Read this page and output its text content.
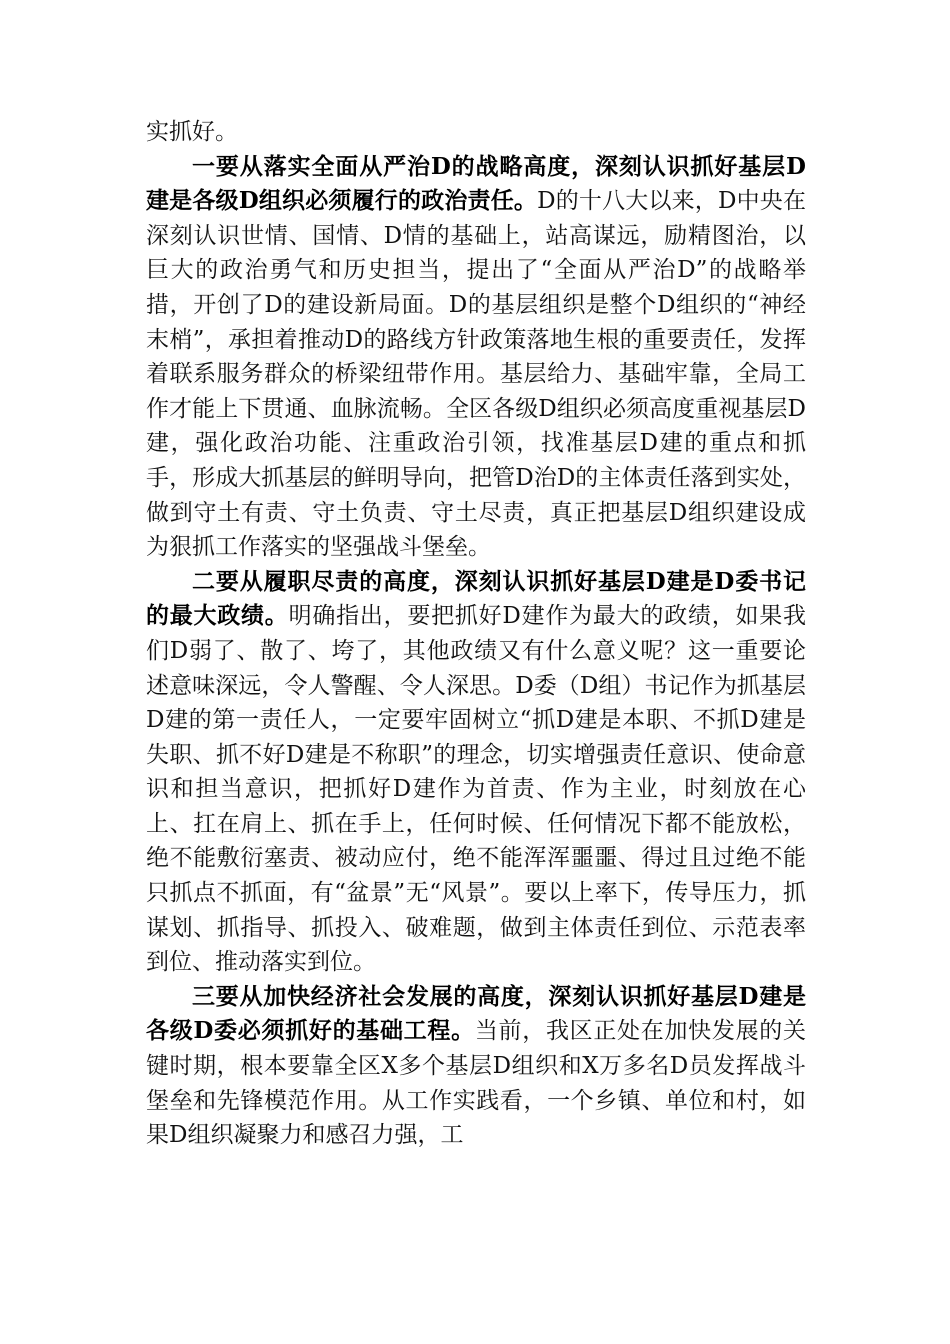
实抓好。

一要从落实全面从严治D的战略高度，深刻认识抓好基层D建是各级D组织必须履行的政治责任。D的十八大以来，D中央在深刻认识世情、国情、D情的基础上，站高谋远，励精图治，以巨大的政治勇气和历史担当，提出了“全面从严治D”的战略举措，开创了D的建设新局面。D的基层组织是整个D组织的“神经末梢”，承担着推动D的路线方针政策落地生根的重要责任，发挥着联系服务群众的桥梁纽带作用。基层给力、基础牢靠，全局工作才能上下贯通、血脉流畅。全区各级D组织必须高度重视基层D建，强化政治功能、注重政治引领，找准基层D建的重点和抓手，形成大抓基层的鲜明导向，把管D治D的主体责任落到实处，做到守土有责、守土负责、守土尽责，真正把基层D组织建设成为狠抓工作落实的坚强战斗堡垒。

二要从履职尽责的高度，深刻认识抓好基层D建是D委书记的最大政绩。明确指出，要把抓好D建作为最大的政绩，如果我们D弱了、散了、垮了，其他政绩又有什么意义呢？这一重要论述意味深远，令人警醒、令人深思。D委（D组）书记作为抓基层D建的第一责任人，一定要牢固树立“抓D建是本职、不抓D建是失职、抓不好D建是不称职”的理念，切实增强责任意识、使命意识和担当意识，把抓好D建作为首责、作为主业，时刻放在心上、扛在肩上、抓在手上，任何时候、任何情况下都不能放松，绝不能敷衍塞责、被动应付，绝不能浑浑噩噩、得过且过绝不能只抓点不抓面，有“盆景”无“风景”。要以上率下，传导压力，抓谋划、抓指导、抓投入、破难题，做到主体责任到位、示范表率到位、推动落实到位。

三要从加快经济社会发展的高度，深刻认识抓好基层D建是各级D委必须抓好的基础工程。当前，我区正处在加快发展的关键时期，根本要靠全区X多个基层D组织和X万多名D员发挥战斗堡垒和先锋模范作用。从工作实践看，一个乡镇、单位和村，如果D组织凝聚力和感召力强，工
